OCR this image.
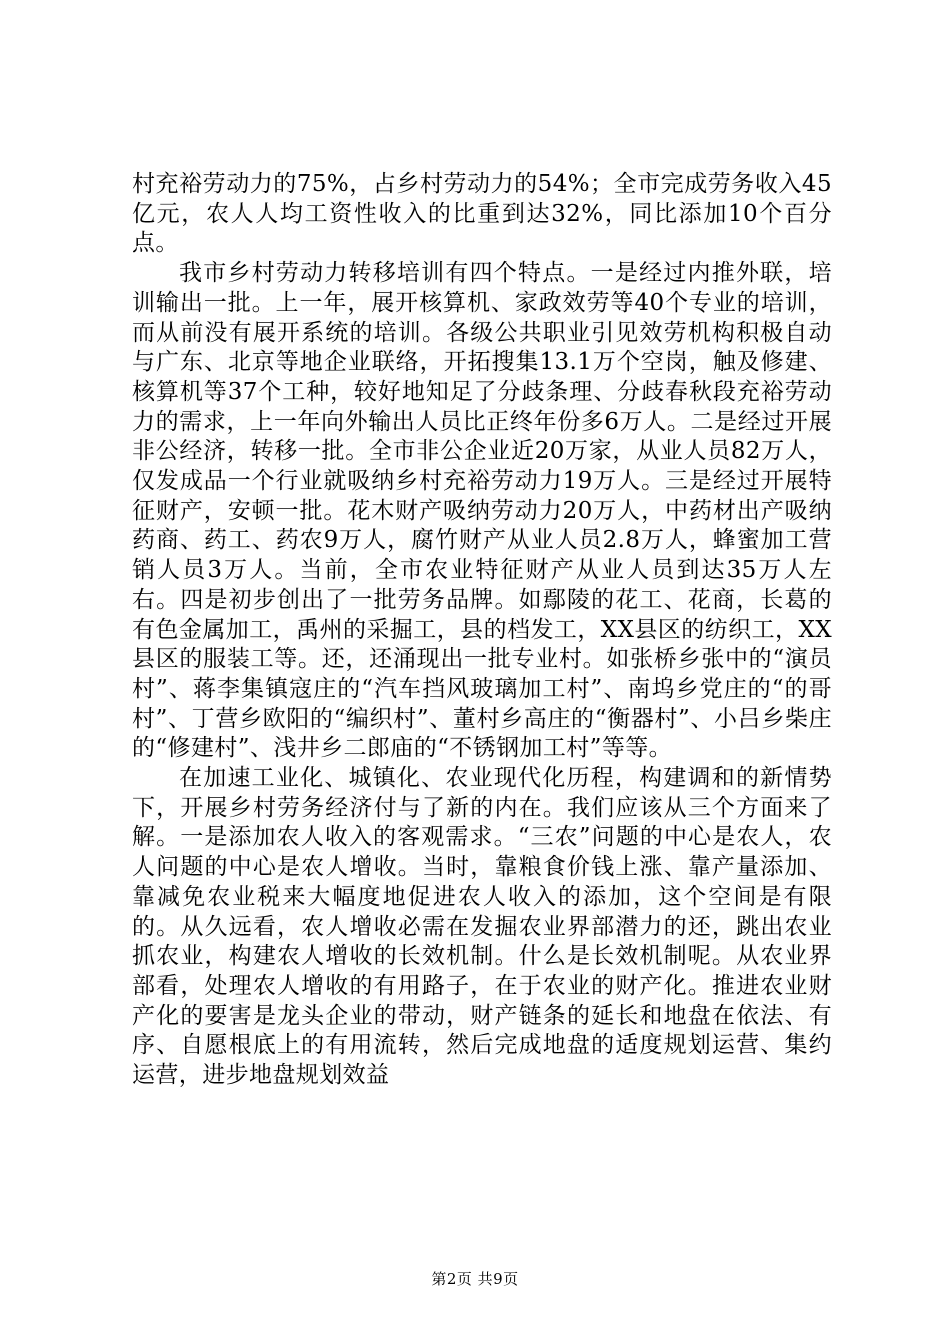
村充裕劳动力的75%，占乡村劳动力的54%；全市完成劳务收入45亿元，农人人均工资性收入的比重到达32%，同比添加10个百分点。

我市乡村劳动力转移培训有四个特点。一是经过内推外联，培训输出一批。上一年，展开核算机、家政效劳等40个专业的培训，而从前没有展开系统的培训。各级公共职业引见效劳机构积极自动与广东、北京等地企业联络，开拓搜集13.1万个空岗，触及修建、核算机等37个工种，较好地知足了分歧条理、分歧春秋段充裕劳动力的需求，上一年向外输出人员比正终年份多6万人。二是经过开展非公经济，转移一批。全市非公企业近20万家，从业人员82万人，仅发成品一个行业就吸纳乡村充裕劳动力19万人。三是经过开展特征财产，安顿一批。花木财产吸纳劳动力20万人，中药材出产吸纳药商、药工、药农9万人，腐竹财产从业人员2.8万人，蜂蜜加工营销人员3万人。当前，全市农业特征财产从业人员到达35万人左右。四是初步创出了一批劳务品牌。如鄢陵的花工、花商，长葛的有色金属加工，禹州的采掘工，县的档发工，XX县区的纺织工，XX县区的服装工等。还，还涌现出一批专业村。如张桥乡张中的“演员村”、蒋李集镇寇庄的“汽车挡风玻璃加工村”、南坞乡党庄的“的哥村”、丁营乡欧阳的“编织村”、董村乡高庄的“衡器村”、小吕乡柴庄的“修建村”、浅井乡二郎庙的“不锈钢加工村”等等。

在加速工业化、城镇化、农业现代化历程，构建调和的新情势下，开展乡村劳务经济付与了新的内在。我们应该从三个方面来了解。一是添加农人收入的客观需求。“三农”问题的中心是农人，农人问题的中心是农人增收。当时，靠粮食价钱上涨、靠产量添加、靠减免农业税来大幅度地促进农人收入的添加，这个空间是有限的。从久远看，农人增收必需在发掘农业界部潜力的还，跳出农业抓农业，构建农人增收的长效机制。什么是长效机制呢。从农业界部看，处理农人增收的有用路子，在于农业的财产化。推进农业财产化的要害是龙头企业的带动，财产链条的延长和地盘在依法、有序、自愿根底上的有用流转，然后完成地盘的适度规划运营、集约运营，进步地盘规划效益

第2页 共9页
